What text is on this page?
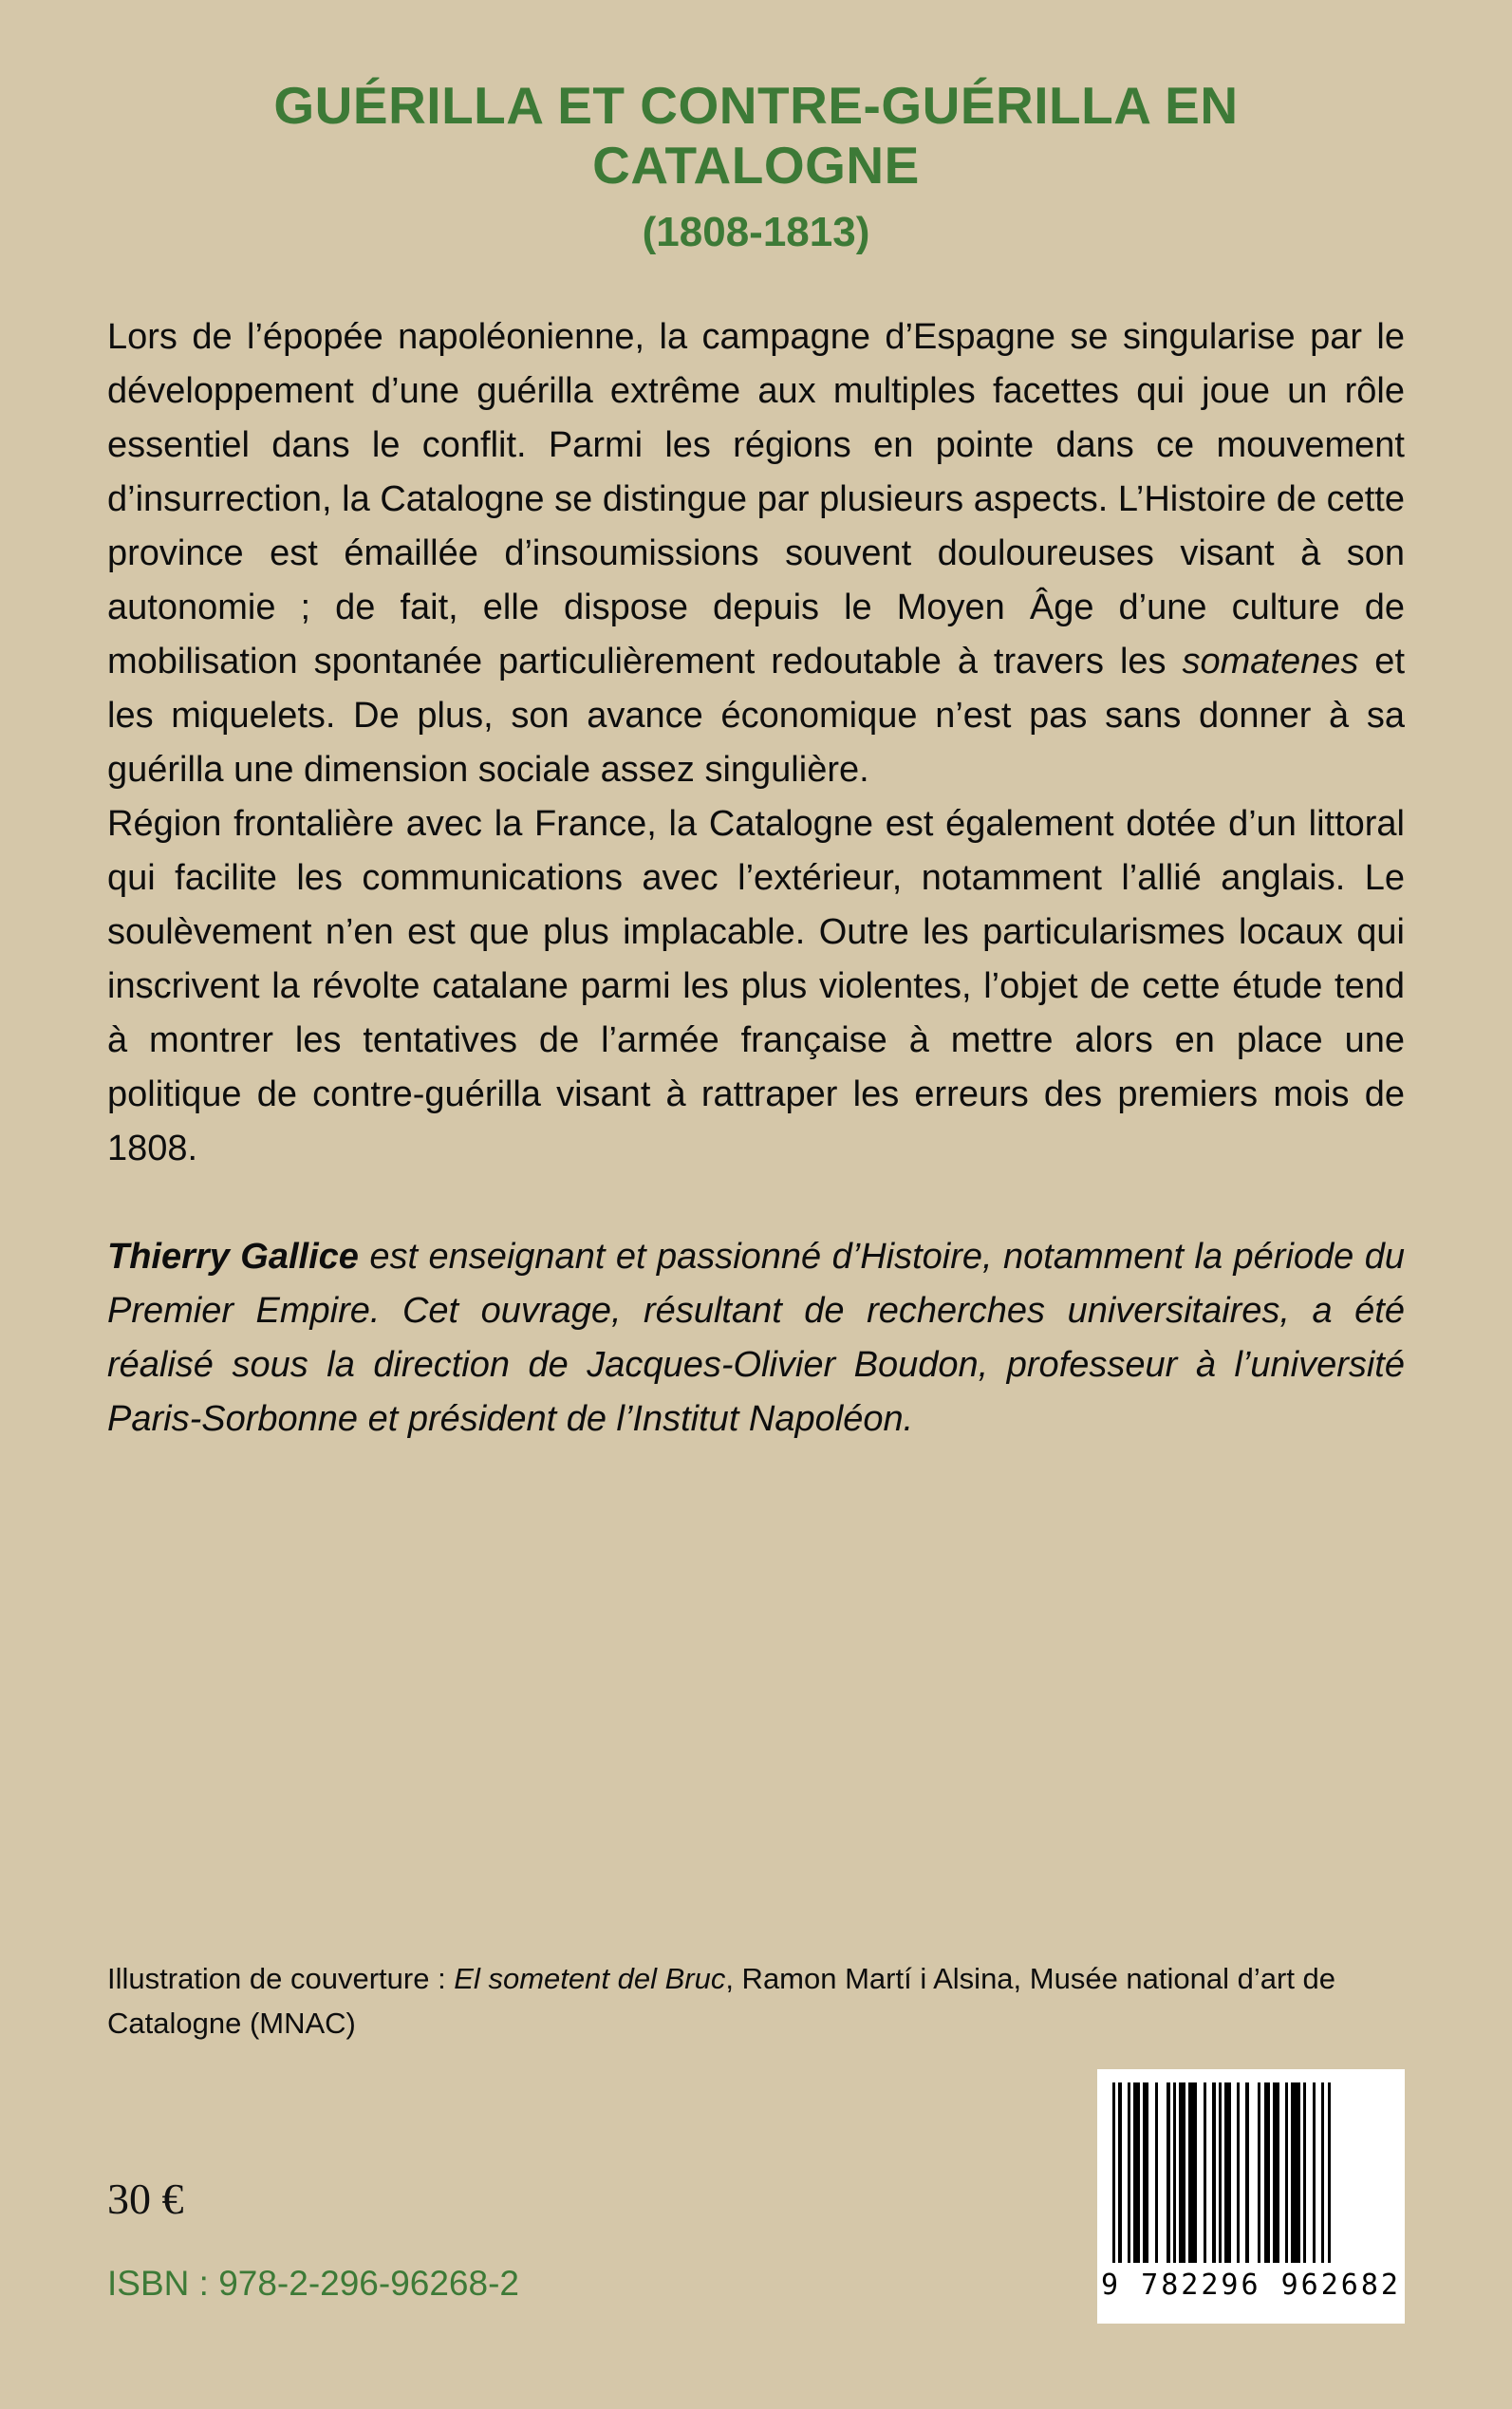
GUÉRILLA ET CONTRE-GUÉRILLA EN CATALOGNE
(1808-1813)

Lors de l’épopée napoléonienne, la campagne d’Espagne se singularise par le développement d’une guérilla extrême aux multiples facettes qui joue un rôle essentiel dans le conflit. Parmi les régions en pointe dans ce mouvement d’insurrection, la Catalogne se distingue par plusieurs aspects. L’Histoire de cette province est émaillée d’insoumissions souvent douloureuses visant à son autonomie ; de fait, elle dispose depuis le Moyen Âge d’une culture de mobilisation spontanée particulièrement redoutable à travers les somatenes et les miquelets. De plus, son avance économique n’est pas sans donner à sa guérilla une dimension sociale assez singulière.

Région frontalière avec la France, la Catalogne est également dotée d’un littoral qui facilite les communications avec l’extérieur, notamment l’allié anglais. Le soulèvement n’en est que plus implacable. Outre les particularismes locaux qui inscrivent la révolte catalane parmi les plus violentes, l’objet de cette étude tend à montrer les tentatives de l’armée française à mettre alors en place une politique de contre-guérilla visant à rattraper les erreurs des premiers mois de 1808.

Thierry Gallice est enseignant et passionné d’Histoire, notamment la période du Premier Empire. Cet ouvrage, résultant de recherches universitaires, a été réalisé sous la direction de Jacques-Olivier Boudon, professeur à l’université Paris-Sorbonne et président de l’Institut Napoléon.

Illustration de couverture : El sometent del Bruc, Ramon Martí i Alsina, Musée national d’art de Catalogne (MNAC)

30 €
ISBN : 978-2-296-96268-2	9 782296 962682
